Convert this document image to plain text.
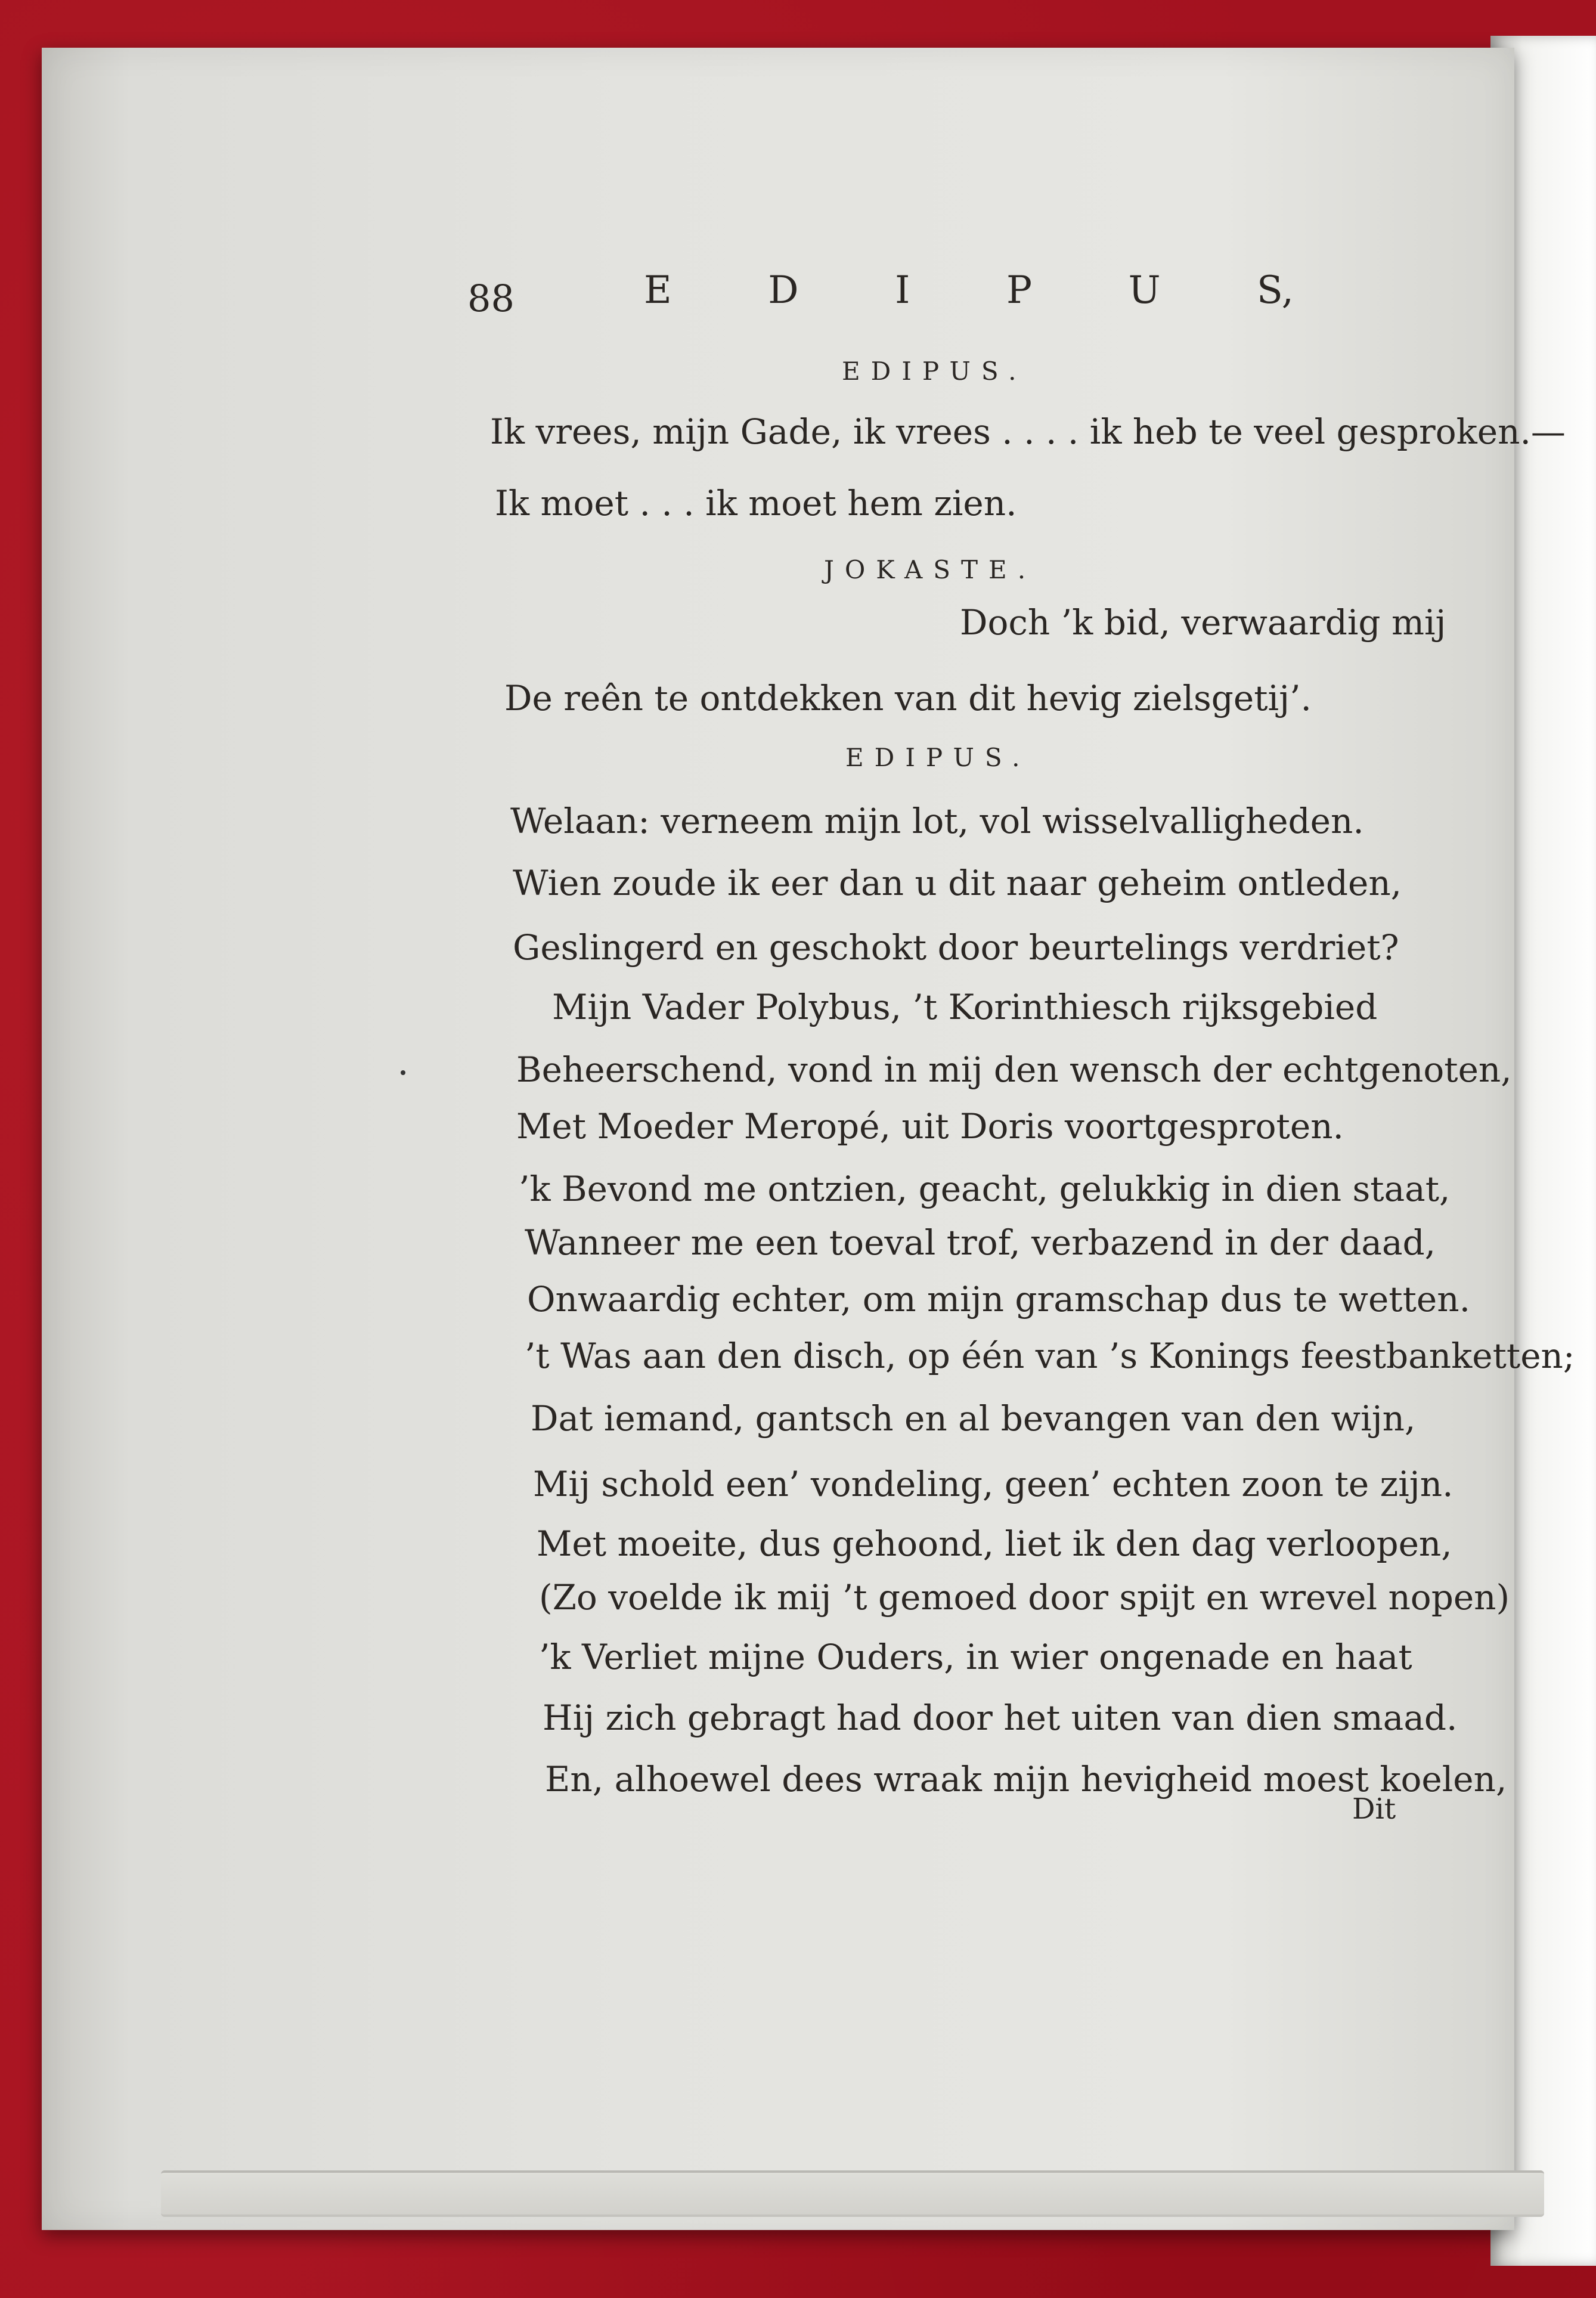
88	E	D	I	P	U	S,
EDIPUS.
Ik vrees, mijn Gade, ik vrees . . . . ik heb te veel gesproken.—
Ik moet . . . ik moet hem zien.
JOKASTE.
Doch ’k bid, verwaardig mij
De reên te ontdekken van dit hevig zielsgetij’.
EDIPUS.
Welaan: verneem mijn lot, vol wisselvalligheden.
Wien zoude ik eer dan u dit naar geheim ontleden,
Geslingerd en geschokt door beurtelings verdriet?
Mijn Vader Polybus, ’t Korinthiesch rijksgebied
Beheerschend, vond in mij den wensch der echtgenoten,
Met Moeder Meropé, uit Doris voortgesproten.
’k Bevond me ontzien, geacht, gelukkig in dien staat,
Wanneer me een toeval trof, verbazend in der daad,
Onwaardig echter, om mijn gramschap dus te wetten.
’t Was aan den disch, op één van ’s Konings feestbanketten;
Dat iemand, gantsch en al bevangen van den wijn,
Mij schold een’ vondeling, geen’ echten zoon te zijn.
Met moeite, dus gehoond, liet ik den dag verloopen,
(Zo voelde ik mij ’t gemoed door spijt en wrevel nopen)
’k Verliet mijne Ouders, in wier ongenade en haat
Hij zich gebragt had door het uiten van dien smaad.
En, alhoewel dees wraak mijn hevigheid moest koelen,
Dit
